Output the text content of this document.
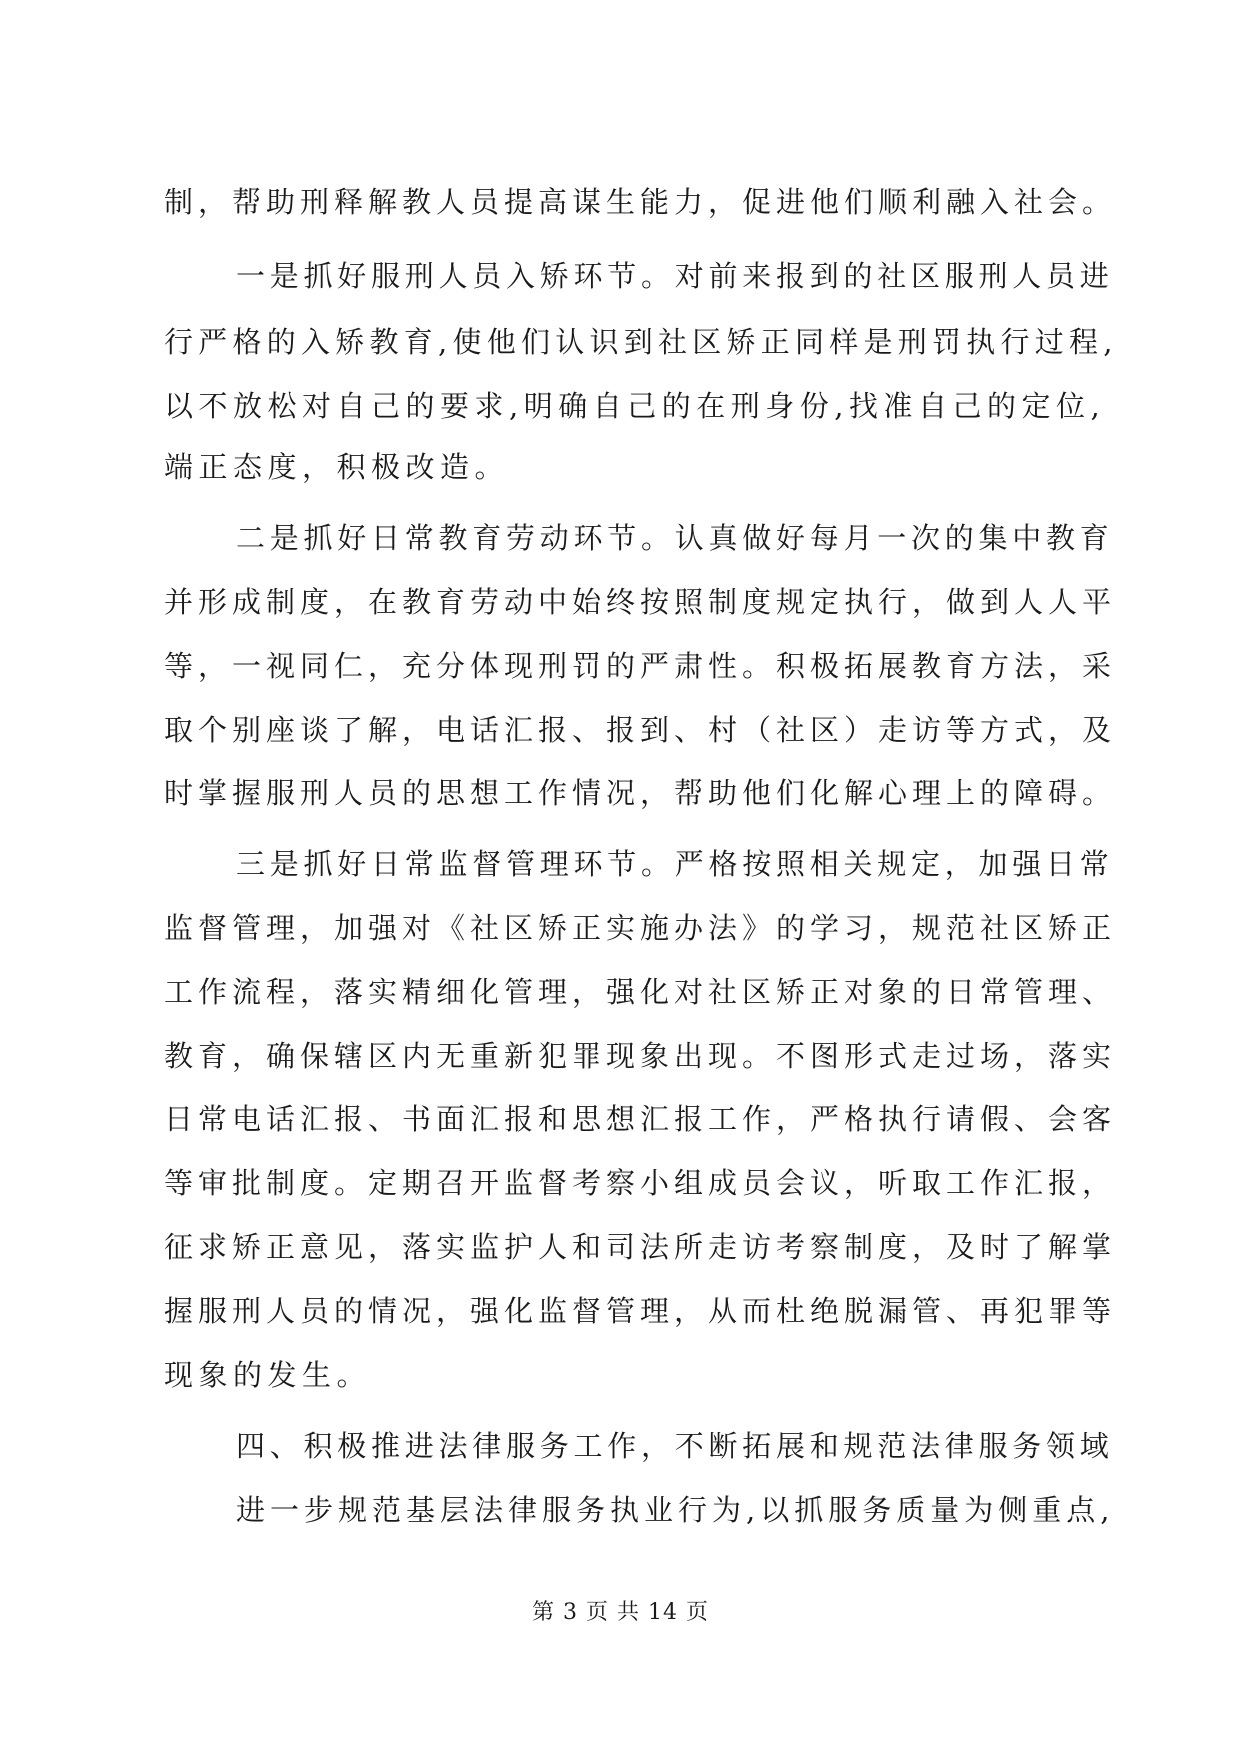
制，帮助刑释解教人员提高谋生能力，促进他们顺利融入社会。
一是抓好服刑人员入矫环节。对前来报到的社区服刑人员进
行严格的入矫教育,使他们认识到社区矫正同样是刑罚执行过程,
以不放松对自己的要求,明确自己的在刑身份,找准自己的定位,
端正态度，积极改造。
二是抓好日常教育劳动环节。认真做好每月一次的集中教育
并形成制度，在教育劳动中始终按照制度规定执行，做到人人平
等，一视同仁，充分体现刑罚的严肃性。积极拓展教育方法，采
取个别座谈了解，电话汇报、报到、村（社区）走访等方式，及
时掌握服刑人员的思想工作情况，帮助他们化解心理上的障碍。
三是抓好日常监督管理环节。严格按照相关规定，加强日常
监督管理，加强对《社区矫正实施办法》的学习，规范社区矫正
工作流程，落实精细化管理，强化对社区矫正对象的日常管理、
教育，确保辖区内无重新犯罪现象出现。不图形式走过场，落实
日常电话汇报、书面汇报和思想汇报工作，严格执行请假、会客
等审批制度。定期召开监督考察小组成员会议，听取工作汇报，
征求矫正意见，落实监护人和司法所走访考察制度，及时了解掌
握服刑人员的情况，强化监督管理，从而杜绝脱漏管、再犯罪等
现象的发生。
四、积极推进法律服务工作，不断拓展和规范法律服务领域
进一步规范基层法律服务执业行为,以抓服务质量为侧重点,
第 3 页 共 14 页
